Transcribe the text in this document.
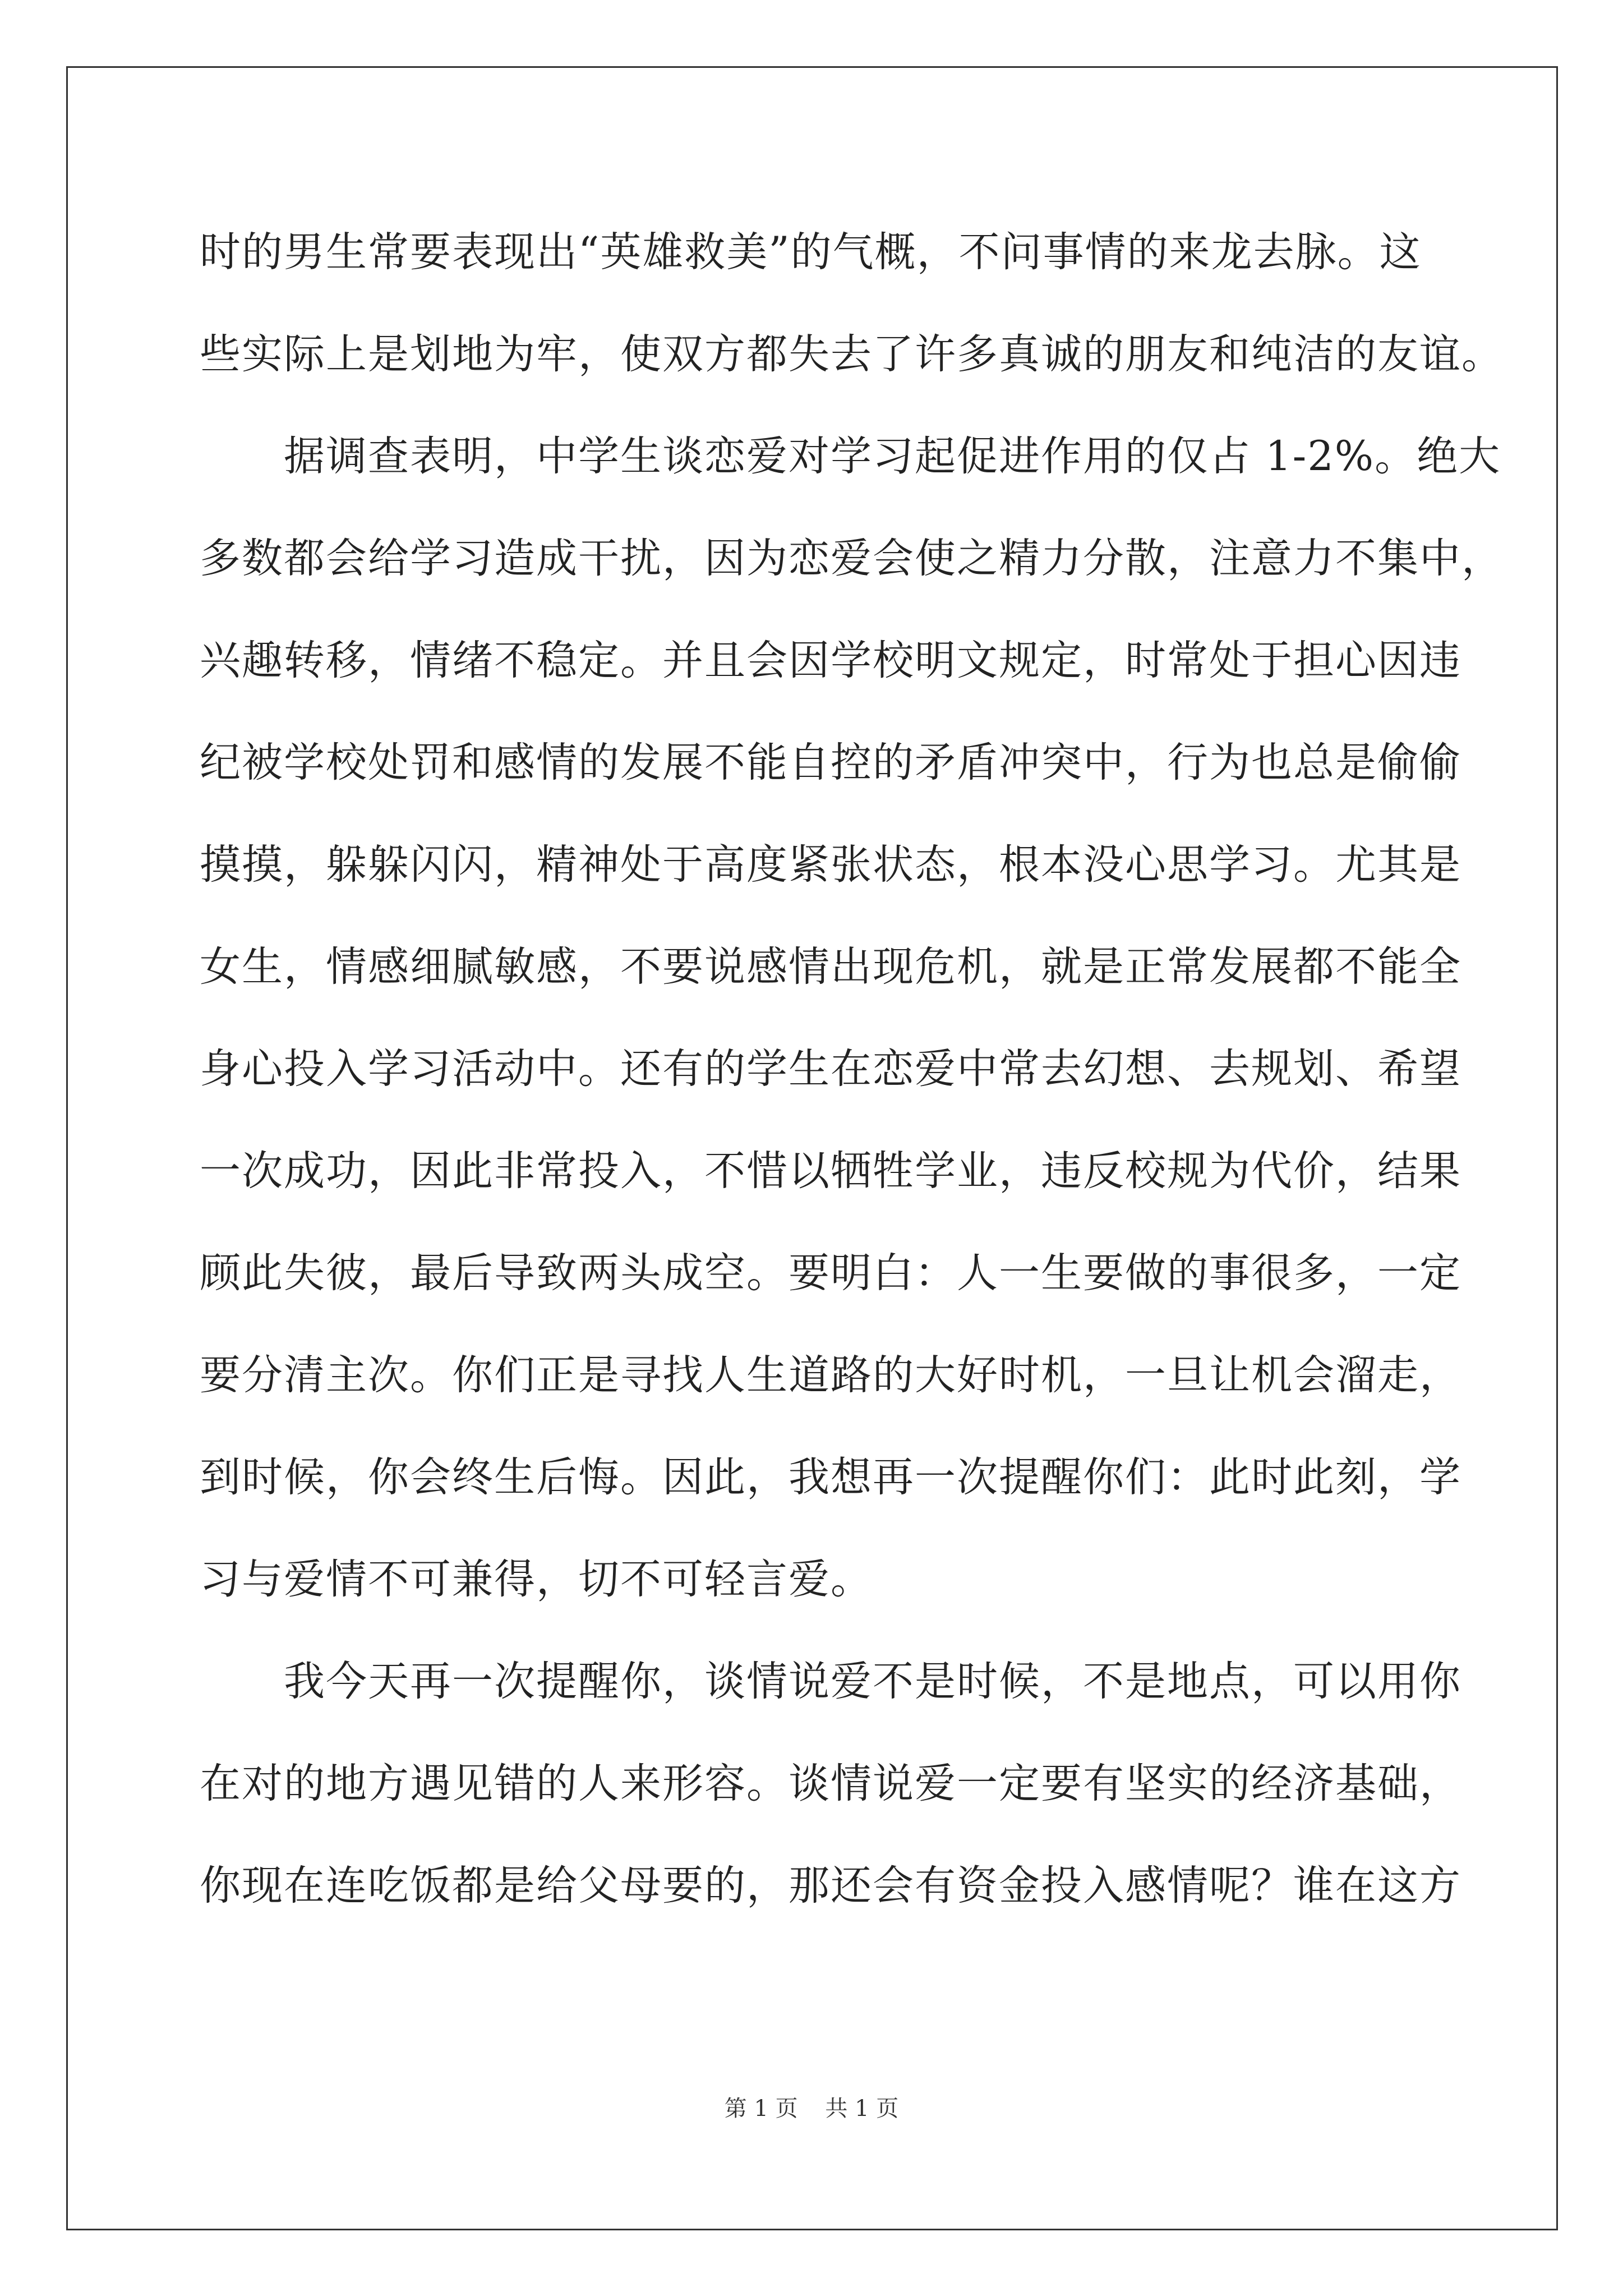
时的男生常要表现出“英雄救美”的气概，不问事情的来龙去脉。这
些实际上是划地为牢，使双方都失去了许多真诚的朋友和纯洁的友谊。
　　据调查表明，中学生谈恋爱对学习起促进作用的仅占 1-2%。绝大
多数都会给学习造成干扰，因为恋爱会使之精力分散，注意力不集中，
兴趣转移，情绪不稳定。并且会因学校明文规定，时常处于担心因违
纪被学校处罚和感情的发展不能自控的矛盾冲突中，行为也总是偷偷
摸摸，躲躲闪闪，精神处于高度紧张状态，根本没心思学习。尤其是
女生，情感细腻敏感，不要说感情出现危机，就是正常发展都不能全
身心投入学习活动中。还有的学生在恋爱中常去幻想、去规划、希望
一次成功，因此非常投入，不惜以牺牲学业，违反校规为代价，结果
顾此失彼，最后导致两头成空。要明白：人一生要做的事很多，一定
要分清主次。你们正是寻找人生道路的大好时机，一旦让机会溜走，
到时候，你会终生后悔。因此，我想再一次提醒你们：此时此刻，学
习与爱情不可兼得，切不可轻言爱。
　　我今天再一次提醒你，谈情说爱不是时候，不是地点，可以用你
在对的地方遇见错的人来形容。谈情说爱一定要有坚实的经济基础，
你现在连吃饭都是给父母要的，那还会有资金投入感情呢？谁在这方
第 1 页 共 1 页
